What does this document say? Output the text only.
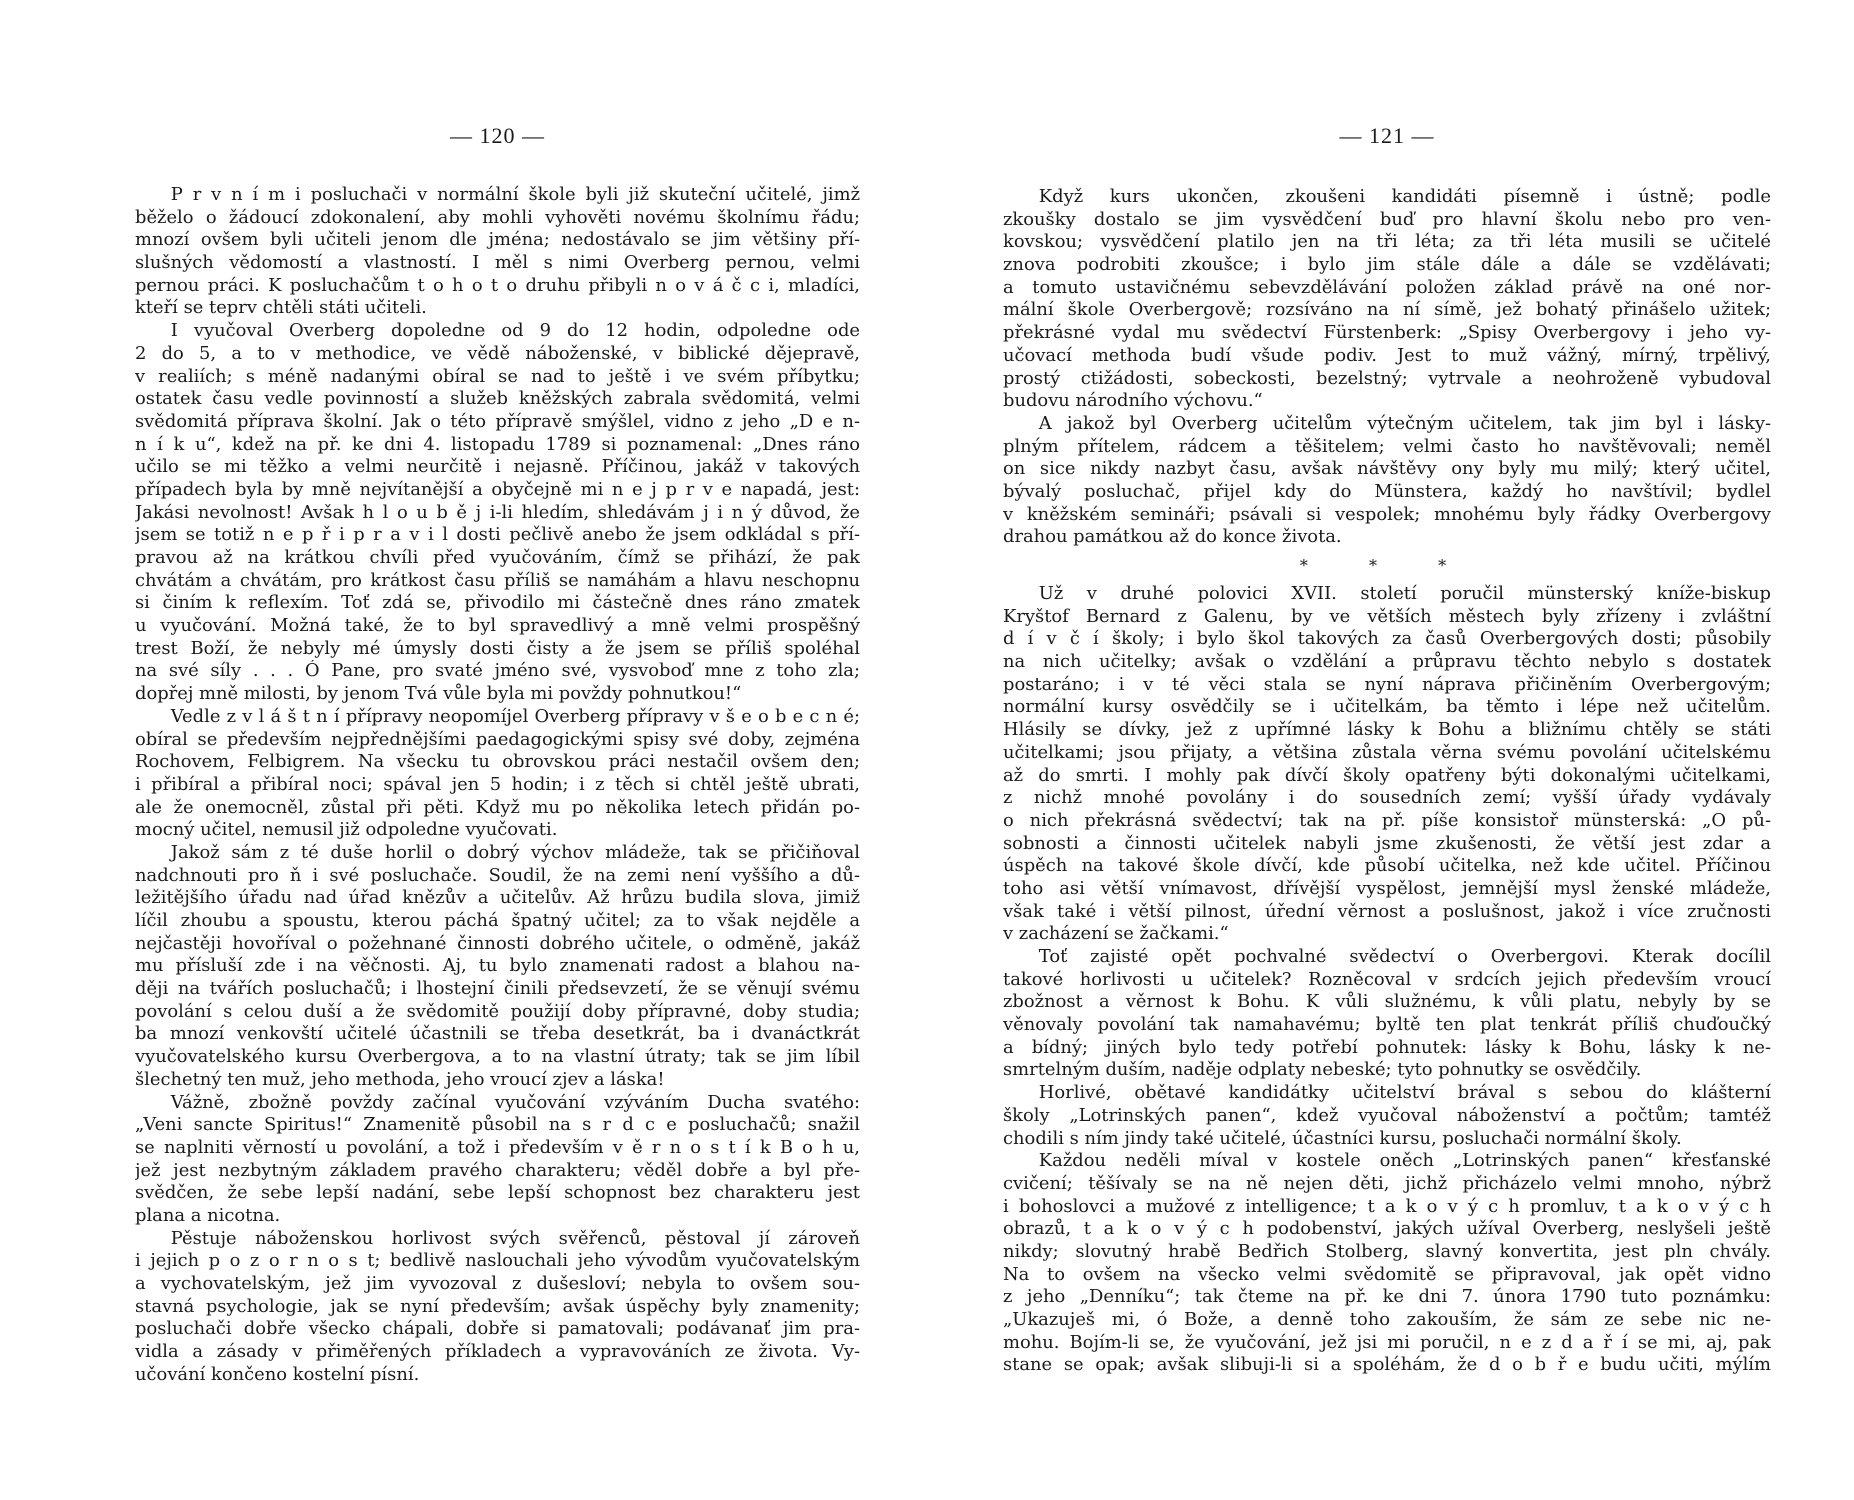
— 120 —
  P r v n í m i posluchači v normální škole byli již skuteční učitelé, jimž
běželo o žádoucí zdokonalení, aby mohli vyhověti novému školnímu řádu;
mnozí ovšem byli učiteli jenom dle jména; nedostávalo se jim většiny pří-
slušných vědomostí a vlastností. I měl s nimi Overberg pernou, velmi
pernou práci. K posluchačům t o h o t o druhu přibyli n o v á č c i, mladíci,
kteří se teprv chtěli státi učiteli.
  I vyučoval Overberg dopoledne od 9 do 12 hodin, odpoledne ode
2 do 5, a to v methodice, ve vědě náboženské, v biblické dějepravě,
v realiích; s méně nadanými obíral se nad to ještě i ve svém příbytku;
ostatek času vedle povinností a služeb kněžských zabrala svědomitá, velmi
svědomitá příprava školní. Jak o této přípravě smýšlel, vidno z jeho „D e n-
n í k u“, kdež na př. ke dni 4. listopadu 1789 si poznamenal: „Dnes ráno
učilo se mi těžko a velmi neurčitě i nejasně. Příčinou, jakáž v takových
případech byla by mně nejvítanější a obyčejně mi n e j p r v e napadá, jest:
Jakási nevolnost! Avšak h l o u b ě j i-li hledím, shledávám j i n ý důvod, že
jsem se totiž n e p ř i p r a v i l dosti pečlivě anebo že jsem odkládal s pří-
pravou až na krátkou chvíli před vyučováním, čímž se přihází, že pak
chvátám a chvátám, pro krátkost času příliš se namáhám a hlavu neschopnu
si činím k reflexím. Toť zdá se, přivodilo mi částečně dnes ráno zmatek
u vyučování. Možná také, že to byl spravedlivý a mně velmi prospěšný
trest Boží, že nebyly mé úmysly dosti čisty a že jsem se příliš spoléhal
na své síly . . . Ó Pane, pro svaté jméno své, vysvoboď mne z toho zla;
dopřej mně milosti, by jenom Tvá vůle byla mi povždy pohnutkou!“
  Vedle z v l á š t n í přípravy neopomíjel Overberg přípravy v š e o b e c n é;
obíral se především nejpřednějšími paedagogickými spisy své doby, zejména
Rochovem, Felbigrem. Na všecku tu obrovskou práci nestačil ovšem den;
i přibíral a přibíral noci; spával jen 5 hodin; i z těch si chtěl ještě ubrati,
ale že onemocněl, zůstal při pěti. Když mu po několika letech přidán po-
mocný učitel, nemusil již odpoledne vyučovati.
  Jakož sám z té duše horlil o dobrý výchov mládeže, tak se přičiňoval
nadchnouti pro ň i své posluchače. Soudil, že na zemi není vyššího a dů-
ležitějšího úřadu nad úřad knězův a učitelův. Až hrůzu budila slova, jimiž
líčil zhoubu a spoustu, kterou páchá špatný učitel; za to však nejděle a
nejčastěji hovoříval o požehnané činnosti dobrého učitele, o odměně, jakáž
mu přísluší zde i na věčnosti. Aj, tu bylo znamenati radost a blahou na-
ději na tvářích posluchačů; i lhostejní činili předsevzetí, že se věnují svému
povolání s celou duší a že svědomitě použijí doby přípravné, doby studia;
ba mnozí venkovští učitelé účastnili se třeba desetkrát, ba i dvanáctkrát
vyučovatelského kursu Overbergova, a to na vlastní útraty; tak se jim líbil
šlechetný ten muž, jeho methoda, jeho vroucí zjev a láska!
  Vážně, zbožně povždy začínal vyučování vzýváním Ducha svatého:
„Veni sancte Spiritus!“ Znamenitě působil na s r d c e posluchačů; snažil
se naplniti věrností u povolání, a tož i především v ě r n o s t í k B o h u,
jež jest nezbytným základem pravého charakteru; věděl dobře a byl pře-
svědčen, že sebe lepší nadání, sebe lepší schopnost bez charakteru jest
plana a nicotna.
  Pěstuje náboženskou horlivost svých svěřenců, pěstoval jí zároveň
i jejich p o z o r n o s t; bedlivě naslouchali jeho vývodům vyučovatelským
a vychovatelským, jež jim vyvozoval z dušesloví; nebyla to ovšem sou-
stavná psychologie, jak se nyní především; avšak úspěchy byly znamenity;
posluchači dobře všecko chápali, dobře si pamatovali; podávanať jim pra-
vidla a zásady v přiměřených příkladech a vypravováních ze života. Vy-
učování končeno kostelní písní.
— 121 —
  Když kurs ukončen, zkoušeni kandidáti písemně i ústně; podle
zkoušky dostalo se jim vysvědčení buď pro hlavní školu nebo pro ven-
kovskou; vysvědčení platilo jen na tři léta; za tři léta musili se učitelé
znova podrobiti zkoušce; i bylo jim stále dále a dále se vzdělávati;
a tomuto ustavičnému sebevzdělávání položen základ právě na oné nor-
mální škole Overbergově; rozsíváno na ní símě, jež bohatý přinášelo užitek;
překrásné vydal mu svědectví Fürstenberk: „Spisy Overbergovy i jeho vy-
učovací methoda budí všude podiv. Jest to muž vážný, mírný, trpělivý,
prostý ctižádosti, sobeckosti, bezelstný; vytrvale a neohroženě vybudoval
budovu národního výchovu.“
  A jakož byl Overberg učitelům výtečným učitelem, tak jim byl i lásky-
plným přítelem, rádcem a těšitelem; velmi často ho navštěvovali; neměl
on sice nikdy nazbyt času, avšak návštěvy ony byly mu milý; který učitel,
bývalý posluchač, přijel kdy do Münstera, každý ho navštívil; bydlel
v kněžském semináři; psávali si vespolek; mnohému byly řádky Overbergovy
drahou památkou až do konce života.
* * *
  Už v druhé polovici XVII. století poručil münsterský kníže-biskup
Kryštof Bernard z Galenu, by ve větších městech byly zřízeny i zvláštní
d í v č í školy; i bylo škol takových za časů Overbergových dosti; působily
na nich učitelky; avšak o vzdělání a průpravu těchto nebylo s dostatek
postaráno; i v té věci stala se nyní náprava přičiněním Overbergovým;
normální kursy osvědčily se i učitelkám, ba těmto i lépe než učitelům.
Hlásily se dívky, jež z upřímné lásky k Bohu a bližnímu chtěly se státi
učitelkami; jsou přijaty, a většina zůstala věrna svému povolání učitelskému
až do smrti. I mohly pak dívčí školy opatřeny býti dokonalými učitelkami,
z nichž mnohé povolány i do sousedních zemí; vyšší úřady vydávaly
o nich překrásná svědectví; tak na př. píše konsistoř münsterská: „O pů-
sobnosti a činnosti učitelek nabyli jsme zkušenosti, že větší jest zdar a
úspěch na takové škole dívčí, kde působí učitelka, než kde učitel. Příčinou
toho asi větší vnímavost, dřívější vyspělost, jemnější mysl ženské mládeže,
však také i větší pilnost, úřední věrnost a poslušnost, jakož i více zručnosti
v zacházení se žačkami.“
  Toť zajisté opět pochvalné svědectví o Overbergovi. Kterak docílil
takové horlivosti u učitelek? Rozněcoval v srdcích jejich především vroucí
zbožnost a věrnost k Bohu. K vůli služnému, k vůli platu, nebyly by se
věnovaly povolání tak namahavému; byltě ten plat tenkrát příliš chuďoučký
a bídný; jiných bylo tedy potřebí pohnutek: lásky k Bohu, lásky k ne-
smrtelným duším, naděje odplaty nebeské; tyto pohnutky se osvědčily.
  Horlivé, obětavé kandidátky učitelství brával s sebou do klášterní
školy „Lotrinských panen“, kdež vyučoval náboženství a počtům; tamtéž
chodili s ním jindy také učitelé, účastníci kursu, posluchači normální školy.
  Každou neděli míval v kostele oněch „Lotrinských panen“ křesťanské
cvičení; těšívaly se na ně nejen děti, jichž přicházelo velmi mnoho, nýbrž
i bohoslovci a mužové z intelligence; t a k o v ý c h promluv, t a k o v ý c h
obrazů, t a k o v ý c h podobenství, jakých užíval Overberg, neslyšeli ještě
nikdy; slovutný hrabě Bedřich Stolberg, slavný konvertita, jest pln chvály.
Na to ovšem na všecko velmi svědomitě se připravoval, jak opět vidno
z jeho „Denníku“; tak čteme na př. ke dni 7. února 1790 tuto poznámku:
„Ukazuješ mi, ó Bože, a denně toho zakouším, že sám ze sebe nic ne-
mohu. Bojím-li se, že vyučování, jež jsi mi poručil, n e z d a ř í se mi, aj, pak
stane se opak; avšak slibuji-li si a spoléhám, že d o b ř e budu učiti, mýlím
